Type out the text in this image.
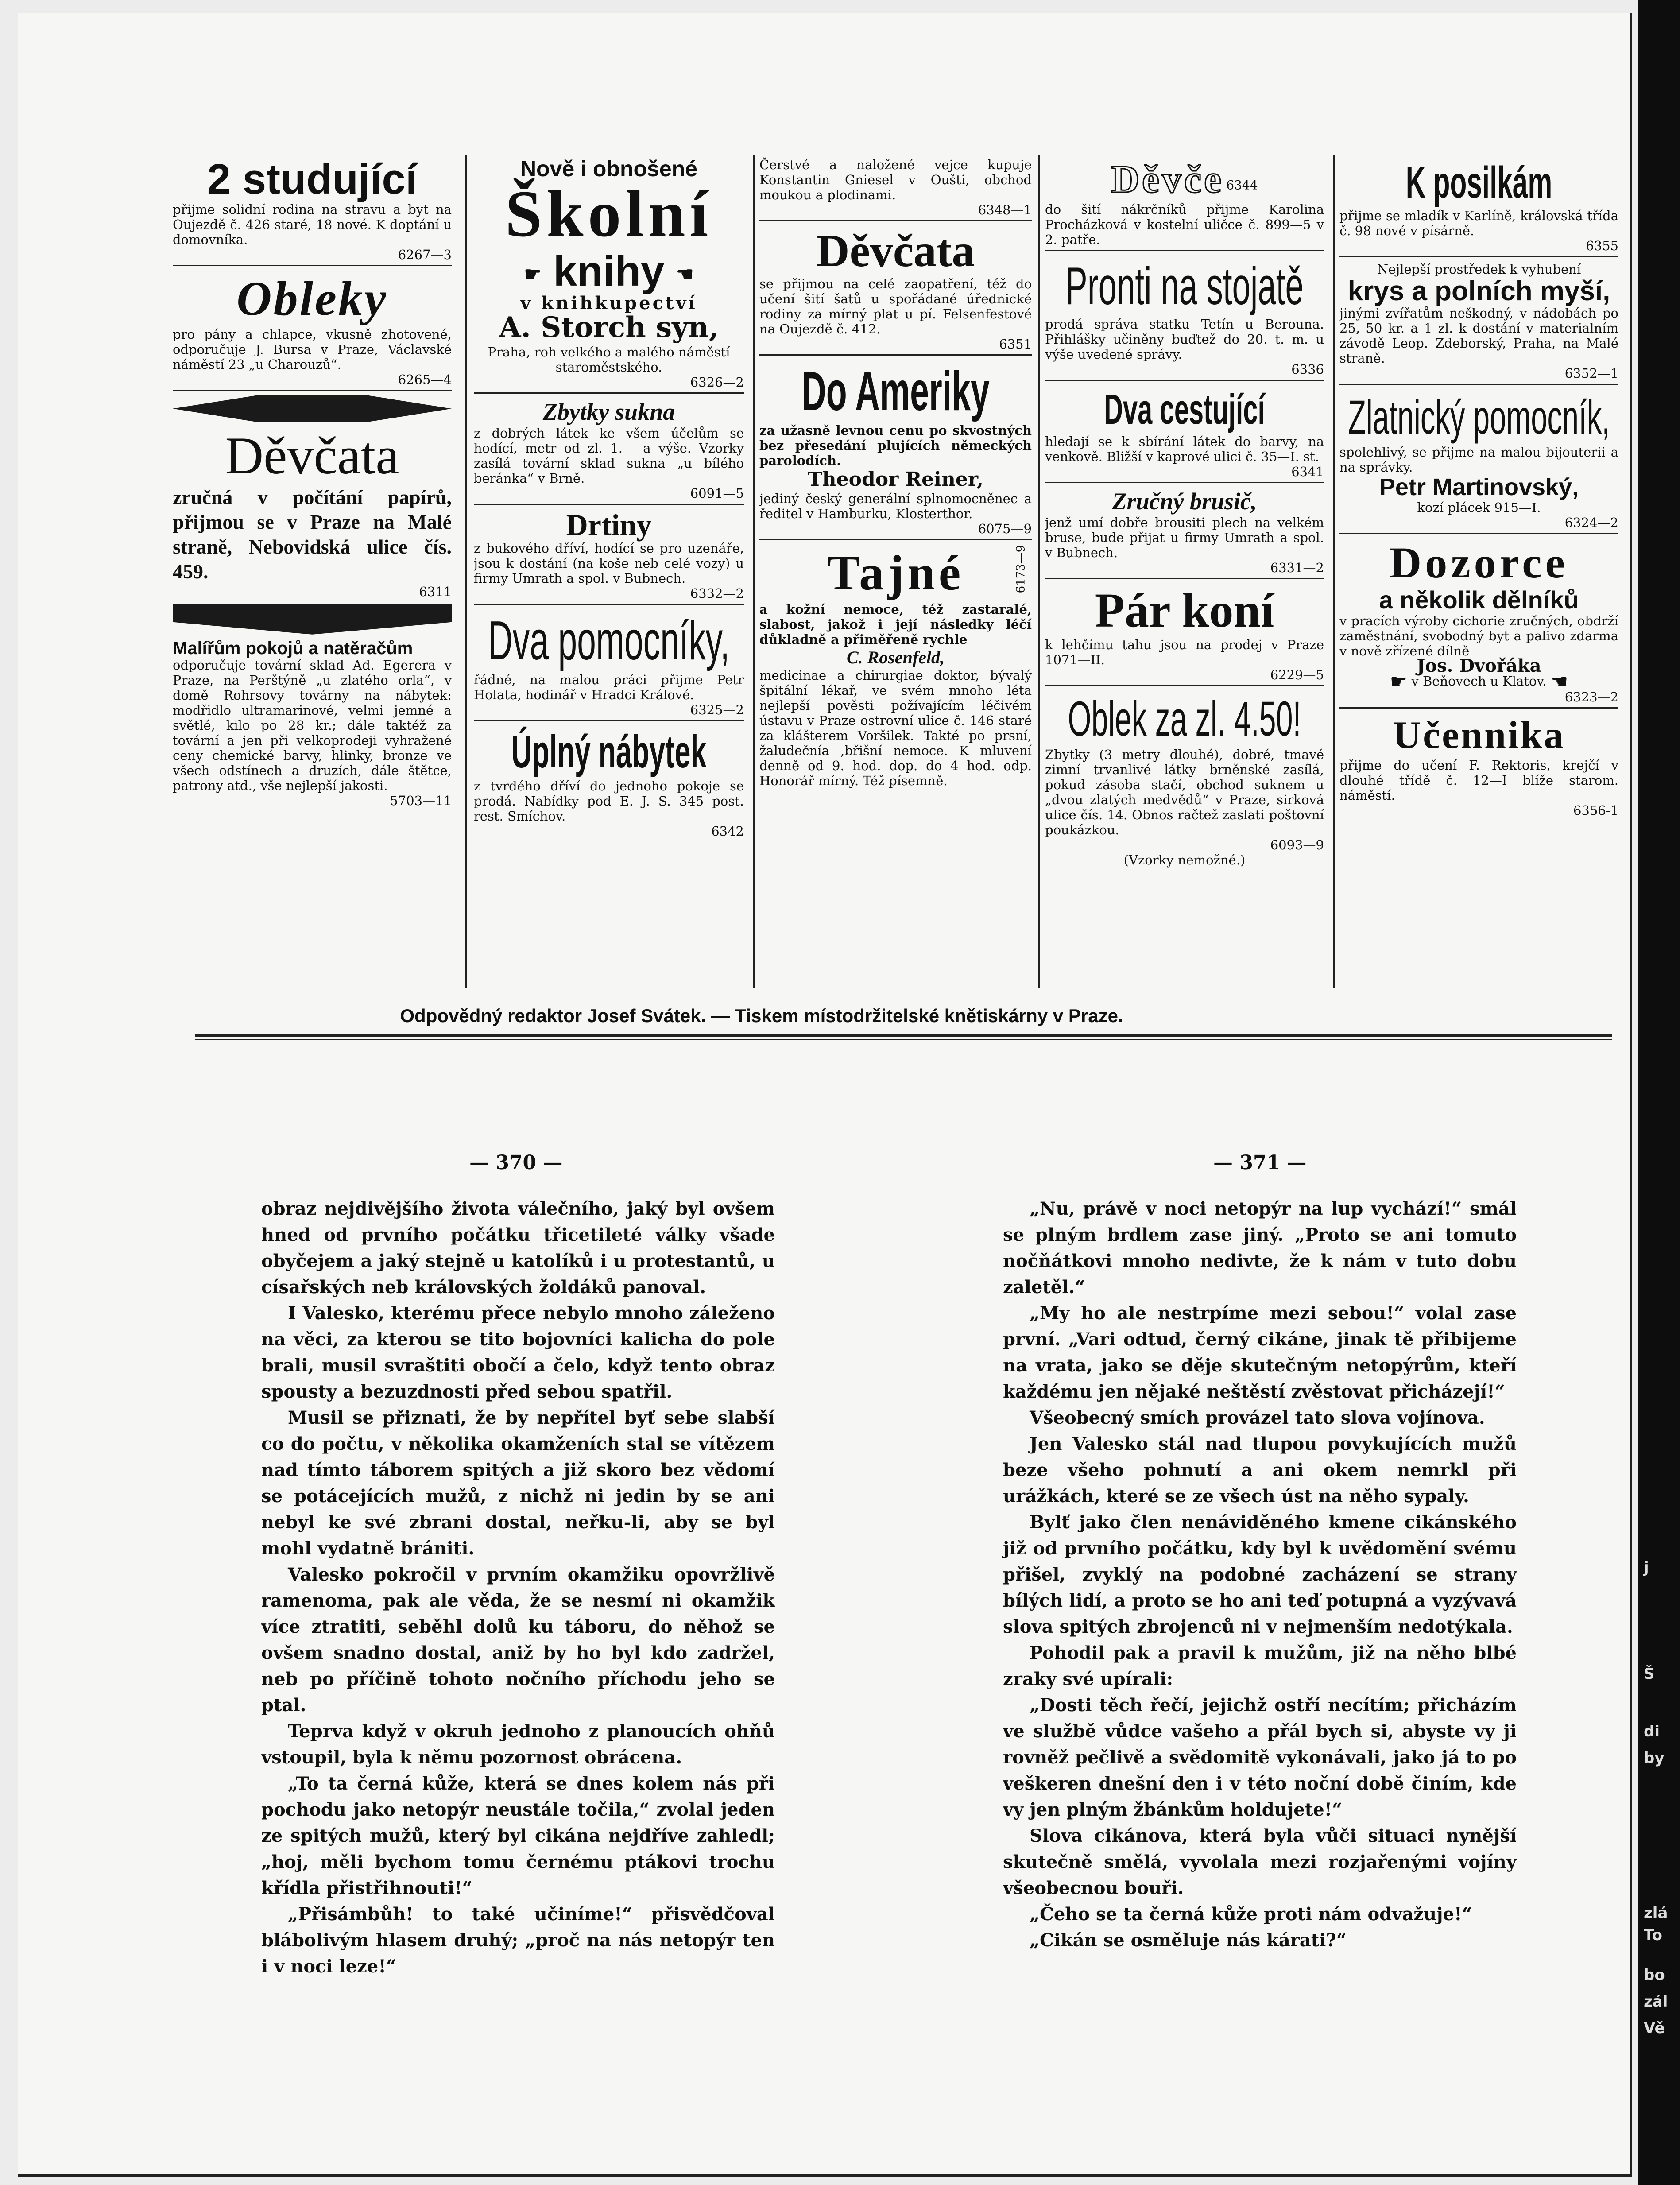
2 studující
přijme solidní rodina na stravu a byt na Oujezdě č. 426 staré, 18 nové. K doptání u domovníka.
6267—3
Obleky
pro pány a chlapce, vkusně zhotovené, odporučuje J. Bursa v Praze, Václavské náměstí 23 „u Charouzů“.
6265—4
Děvčata
zručná v počítání papírů, přijmou se v Praze na Malé straně, Nebovidská ulice čís. 459.
6311
Malířům pokojů a natěračům
odporučuje tovární sklad Ad. Egerera v Praze, na Perštýně „u zlatého orla“, v domě Rohrsovy továrny na nábytek: modřidlo ultramarinové, velmi jemné a světlé, kilo po 28 kr.; dále taktéž za tovární a jen při velkoprodeji vyhražené ceny chemické barvy, hlinky, bronze ve všech odstínech a druzích, dále štětce, patrony atd., vše nejlepší jakosti.
5703—11
Nově i obnošené
Školní
☛ knihy ☚
v knihkupectví
A. Storch syn,
Praha, roh velkého a malého náměstí staroměstského.
6326—2
Zbytky sukna
z dobrých látek ke všem účelům se hodící, metr od zl. 1.— a výše. Vzorky zasílá tovární sklad sukna „u bílého beránka“ v Brně.
6091—5
Drtiny
z bukového dříví, hodící se pro uzenáře, jsou k dostání (na koše neb celé vozy) u firmy Umrath a spol. v Bubnech.
6332—2
Dva pomocníky,
řádné, na malou práci přijme Petr Holata, hodinář v Hradci Králové.
6325—2
Úplný nábytek
z tvrdého dříví do jednoho pokoje se prodá. Nabídky pod E. J. S. 345 post. rest. Smíchov.
6342
Čerstvé a naložené vejce kupuje Konstantin Gniesel v Oušti, obchod moukou a plodinami.
6348—1
Děvčata
se přijmou na celé zaopatření, též do učení šití šatů u spořádané úřednické rodiny za mírný plat u pí. Felsenfestové na Oujezdě č. 412.
6351
Do Ameriky
za užasně levnou cenu po skvostných bez přesedání plujících německých parolodích.
Theodor Reiner,
jediný český generální splnomocněnec a ředitel v Hamburku, Klosterthor.
6075—9
Tajné	6173—9
a kožní nemoce, též zastaralé, slabost, jakož i její následky léčí důkladně a přiměřeně rychle
C. Rosenfeld,
medicinae a chirurgiae doktor, bývalý špitální lékař, ve svém mnoho léta nejlepší pověsti požívajícím léčivém ústavu v Praze ostrovní ulice č. 146 staré za klášterem Voršilek. Takté po prsní, žaludečnía ,břišní nemoce. K mluvení denně od 9. hod. dop. do 4 hod. odp. Honorář mírný. Též písemně.
Děvče $^{6344}$
do šití nákrčníků přijme Karolina Procházková v kostelní uličce č. 899—5 v 2. patře.
Pronti na stojatě
prodá správa statku Tetín u Berouna. Přihlášky učiněny buďtež do 20. t. m. u výše uvedené správy.
6336
Dva cestující
hledají se k sbírání látek do barvy, na venkově. Bližší v kaprové ulici č. 35—I. st.
6341
Zručný brusič,
jenž umí dobře brousiti plech na velkém bruse, bude přijat u firmy Umrath a spol. v Bubnech.
6331—2
Pár koní
k lehčímu tahu jsou na prodej v Praze 1071—II.
6229—5
Oblek za zl. 4.50!
Zbytky (3 metry dlouhé), dobré, tmavé zimní trvanlivé látky brněnské zasílá, pokud zásoba stačí, obchod suknem u „dvou zlatých medvědů“ v Praze, sirková ulice čís. 14. Obnos račtež zaslati poštovní poukázkou.
6093—9
(Vzorky nemožné.)
K posilkám
přijme se mladík v Karlíně, královská třída č. 98 nové v písárně.
6355
Nejlepší prostředek k vyhubení
krys a polních myší,
jinými zvířatům neškodný, v nádobách po 25, 50 kr. a 1 zl. k dostání v materialním závodě Leop. Zdeborský, Praha, na Malé straně.
6352—1
Zlatnický pomocník,
spolehlivý, se přijme na malou bijouterii a na správky.
Petr Martinovský,
kozí plácek 915—I.
6324—2
Dozorce
a několik dělníků
v pracích výroby cichorie zručných, obdrží zaměstnání, svobodný byt a palivo zdarma v nově zřízené dílně
Jos. Dvořáka
☛ v Beňovech u Klatov. ☚
6323—2
Učennika
přijme do učení F. Rektoris, krejčí v dlouhé třídě č. 12—I blíže starom. náměstí.
6356-1
Odpovědný redaktor Josef Svátek. — Tiskem místodržitelské knětiskárny v Praze.
— 370 —	— 371 —

obraz nejdivějšího života válečního, jaký byl ovšem hned od prvního počátku třicetileté války všade obyčejem a jaký stejně u katolíků i u protestantů, u císařských neb královských žoldáků panoval.

I Valesko, kterému přece nebylo mnoho záleženo na věci, za kterou se tito bojovníci kalicha do pole brali, musil svraštiti obočí a čelo, když tento obraz spousty a bezuzdnosti před sebou spatřil.

Musil se přiznati, že by nepřítel byť sebe slabší co do počtu, v několika okamženích stal se vítězem nad tímto táborem spitých a již skoro bez vědomí se potácejících mužů, z nichž ni jedin by se ani nebyl ke své zbrani dostal, neřku-li, aby se byl mohl vydatně brániti.

Valesko pokročil v prvním okamžiku opovržlivě ramenoma, pak ale věda, že se nesmí ni okamžik více ztratiti, seběhl dolů ku táboru, do něhož se ovšem snadno dostal, aniž by ho byl kdo zadržel, neb po příčině tohoto nočního příchodu jeho se ptal.

Teprva když v okruh jednoho z planoucích ohňů vstoupil, byla k němu pozornost obrácena.

„To ta černá kůže, která se dnes kolem nás při pochodu jako netopýr neustále točila,“ zvolal jeden ze spitých mužů, který byl cikána nejdříve zahledl; „hoj, měli bychom tomu černému ptákovi trochu křídla přistřihnouti!“

„Přisámbůh! to také učiníme!“ přisvědčoval blábolivým hlasem druhý; „proč na nás netopýr ten i v noci leze!“

„Nu, právě v noci netopýr na lup vychází!“ smál se plným brdlem zase jiný. „Proto se ani tomuto nočňátkovi mnoho nedivte, že k nám v tuto dobu zaletěl.“

„My ho ale nestrpíme mezi sebou!“ volal zase první. „Vari odtud, černý cikáne, jinak tě přibijeme na vrata, jako se děje skutečným netopýrům, kteří každému jen nějaké neštěstí zvěstovat přicházejí!“

Všeobecný smích provázel tato slova vojínova.

Jen Valesko stál nad tlupou povykujících mužů beze všeho pohnutí a ani okem nemrkl při urážkách, které se ze všech úst na něho sypaly.

Bylť jako člen nenáviděného kmene cikánského již od prvního počátku, kdy byl k uvědomění svému přišel, zvyklý na podobné zacházení se strany bílých lidí, a proto se ho ani teď potupná a vyzývavá slova spitých zbrojenců ni v nejmenším nedotýkala.

Pohodil pak a pravil k mužům, již na něho blbé zraky své upírali:

„Dosti těch řečí, jejichž ostří necítím; přicházím ve službě vůdce vašeho a přál bych si, abyste vy ji rovněž pečlivě a svědomitě vykonávali, jako já to po veškeren dnešní den i v této noční době činím, kde vy jen plným žbánkům holdujete!“

Slova cikánova, která byla vůči situaci nynější skutečně smělá, vyvolala mezi rozjařenými vojíny všeobecnou bouři.

„Čeho se ta černá kůže proti nám odvažuje!“

„Cikán se osměluje nás kárati?“

j
Š
di
by
zlá
To
bo
zál
Vě
